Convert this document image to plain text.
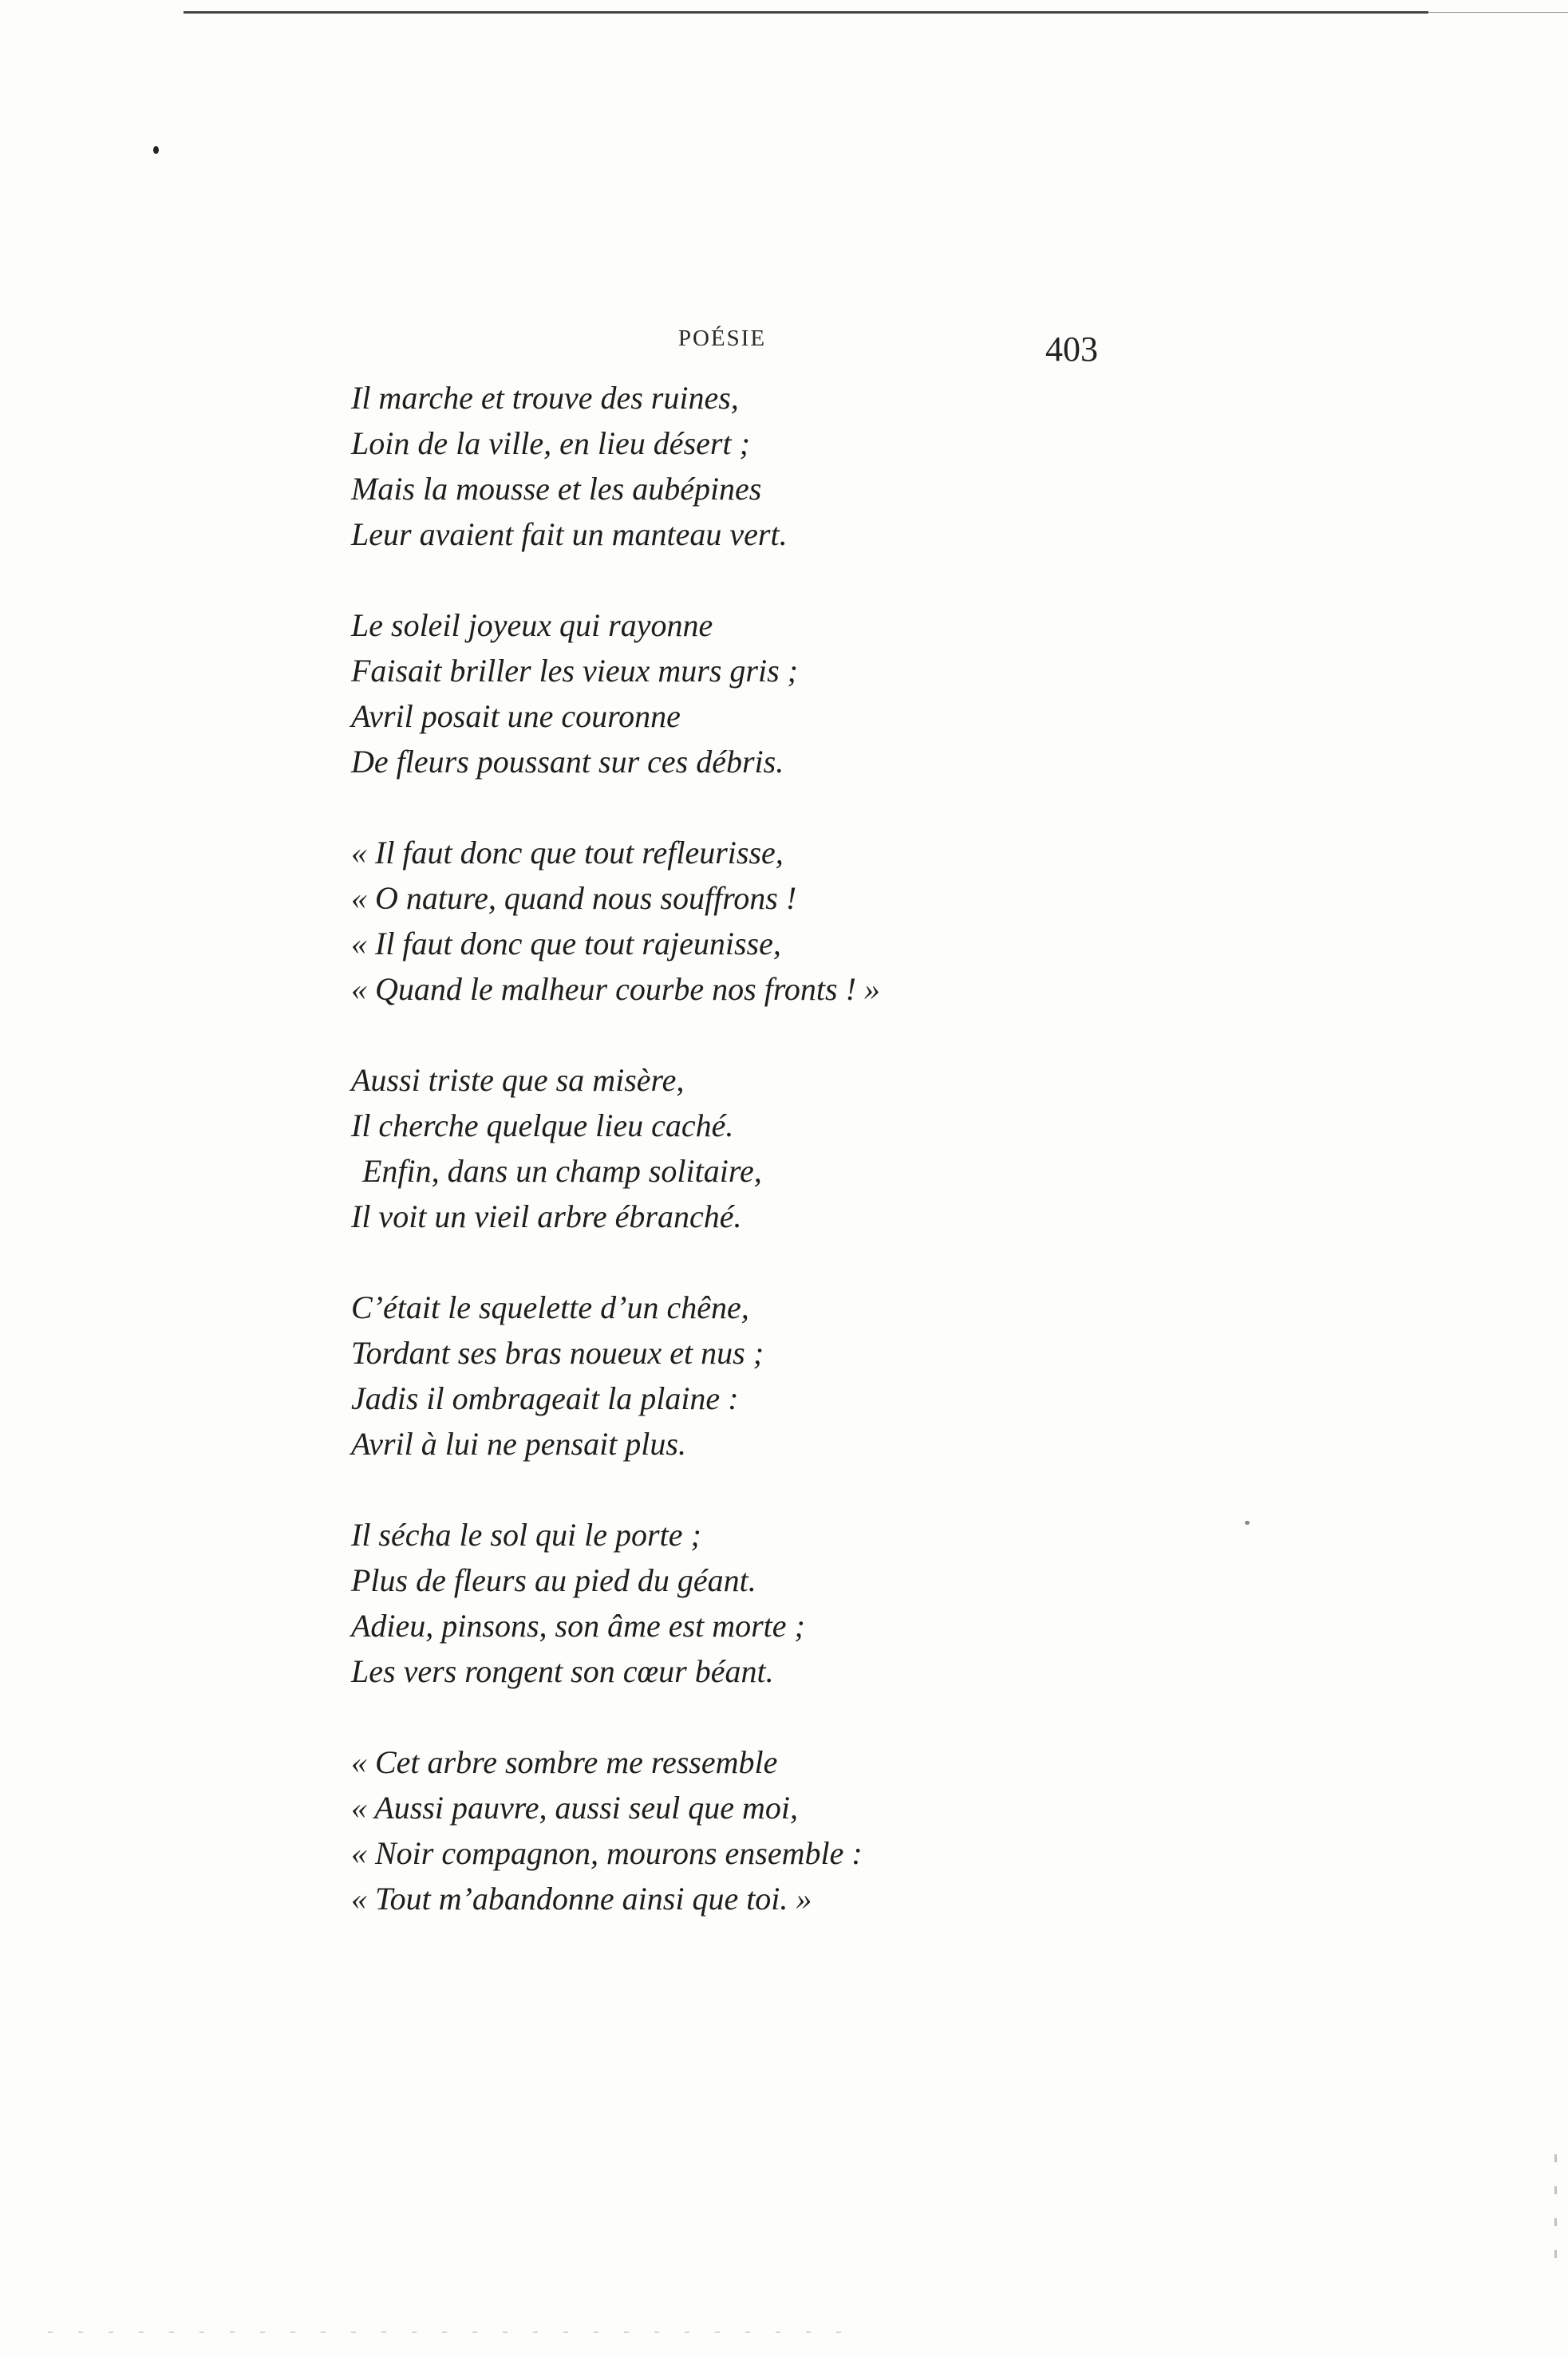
POÉSIE	403
Il marche et trouve des ruines,
Loin de la ville, en lieu désert ;
Mais la mousse et les aubépines
Leur avaient fait un manteau vert.
Le soleil joyeux qui rayonne
Faisait briller les vieux murs gris ;
Avril posait une couronne
De fleurs poussant sur ces débris.
« Il faut donc que tout refleurisse,
« O nature, quand nous souffrons !
« Il faut donc que tout rajeunisse,
« Quand le malheur courbe nos fronts ! »
Aussi triste que sa misère,
Il cherche quelque lieu caché.
Enfin, dans un champ solitaire,
Il voit un vieil arbre ébranché.
C’était le squelette d’un chêne,
Tordant ses bras noueux et nus ;
Jadis il ombrageait la plaine :
Avril à lui ne pensait plus.
Il sécha le sol qui le porte ;
Plus de fleurs au pied du géant.
Adieu, pinsons, son âme est morte ;
Les vers rongent son cœur béant.
« Cet arbre sombre me ressemble
« Aussi pauvre, aussi seul que moi,
« Noir compagnon, mourons ensemble :
« Tout m’abandonne ainsi que toi. »
